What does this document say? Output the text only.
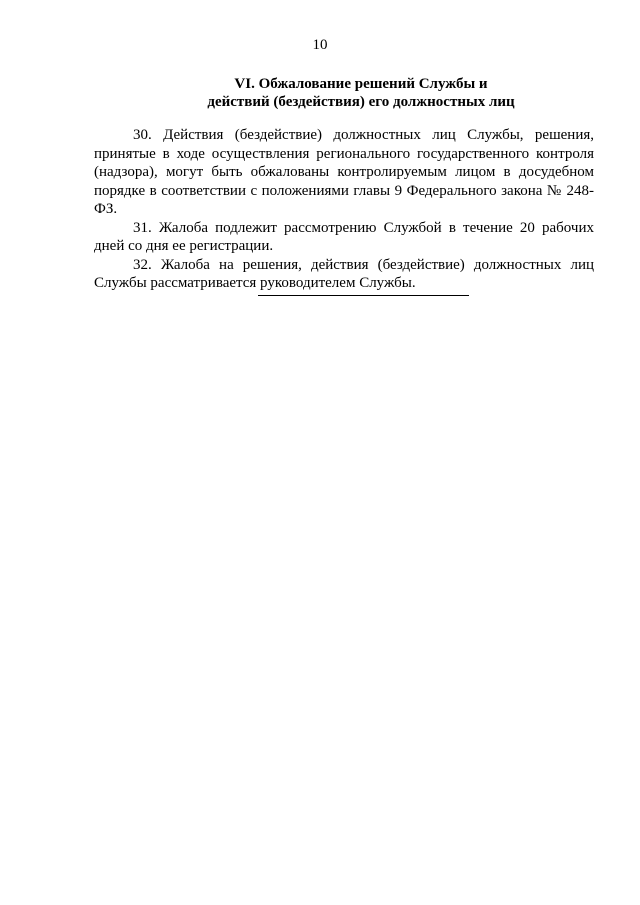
10
VI. Обжалование решений Службы и
действий (бездействия) его должностных лиц

30. Действия (бездействие) должностных лиц Службы, решения, принятые в ходе осуществления регионального государственного контроля (надзора), могут быть обжалованы контролируемым лицом в досудебном порядке в соответствии с положениями главы 9 Федерального закона № 248-ФЗ.

31. Жалоба подлежит рассмотрению Службой в течение 20 рабочих дней со дня ее регистрации.

32. Жалоба на решения, действия (бездействие) должностных лиц Службы рассматривается руководителем Службы.
